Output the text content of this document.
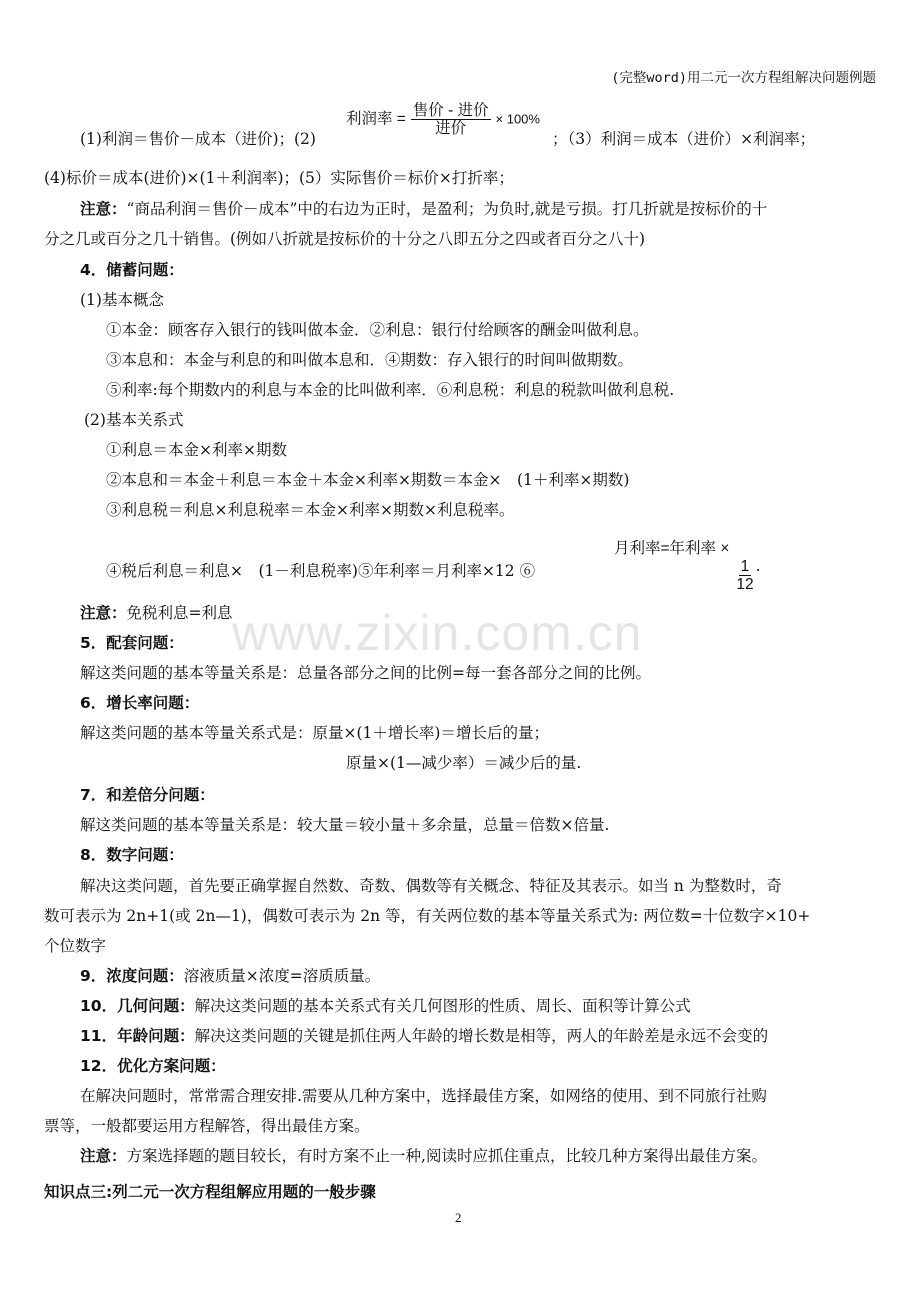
(完整word)用二元一次方程组解决问题例题
利润率 = $\frac{\text{售价 - 进价}}{\text{进价}} \times 100\%$
(1)利润＝售价－成本（进价)；(2)	；（3）利润＝成本（进价）×利润率；
(4)标价＝成本(进价)×(1＋利润率)；(5）实际售价＝标价×打折率；
注意：“商品利润＝售价－成本”中的右边为正时，是盈利；为负时,就是亏损。打几折就是按标价的十
分之几或百分之几十销售。(例如八折就是按标价的十分之八即五分之四或者百分之八十)
4．储蓄问题：
(1)基本概念
①本金：顾客存入银行的钱叫做本金．②利息：银行付给顾客的酬金叫做利息。
③本息和：本金与利息的和叫做本息和．④期数：存入银行的时间叫做期数。
⑤利率:每个期数内的利息与本金的比叫做利率．⑥利息税：利息的税款叫做利息税.
(2)基本关系式
①利息＝本金×利率×期数
②本息和＝本金＋利息＝本金＋本金×利率×期数＝本金×　(1＋利率×期数)
③利息税＝利息×利息税率＝本金×利率×期数×利息税率。
④税后利息＝利息×　(1－利息税率)⑤年利率＝月利率×12 ⑥
月利率=年利率 ×
$\frac{1}{12}$ .
注意：免税利息=利息 www.zixin.com.cn
5．配套问题：
解这类问题的基本等量关系是：总量各部分之间的比例=每一套各部分之间的比例。
6．增长率问题：
解这类问题的基本等量关系式是：原量×(1＋增长率)＝增长后的量；
原量×(1—减少率）＝减少后的量.
7．和差倍分问题：
解这类问题的基本等量关系是：较大量＝较小量＋多余量，总量＝倍数×倍量.
8．数字问题：
解决这类问题，首先要正确掌握自然数、奇数、偶数等有关概念、特征及其表示。如当 n 为整数时，奇
数可表示为 2n+1(或 2n—1)，偶数可表示为 2n 等，有关两位数的基本等量关系式为: 两位数=十位数字×10+
个位数字
9．浓度问题：溶液质量×浓度=溶质质量。
10．几何问题：解决这类问题的基本关系式有关几何图形的性质、周长、面积等计算公式
11．年龄问题：解决这类问题的关键是抓住两人年龄的增长数是相等，两人的年龄差是永远不会变的
12．优化方案问题：
在解决问题时，常常需合理安排.需要从几种方案中，选择最佳方案，如网络的使用、到不同旅行社购
票等，一般都要运用方程解答，得出最佳方案。
注意：方案选择题的题目较长，有时方案不止一种,阅读时应抓住重点，比较几种方案得出最佳方案。
知识点三:列二元一次方程组解应用题的一般步骤
2
